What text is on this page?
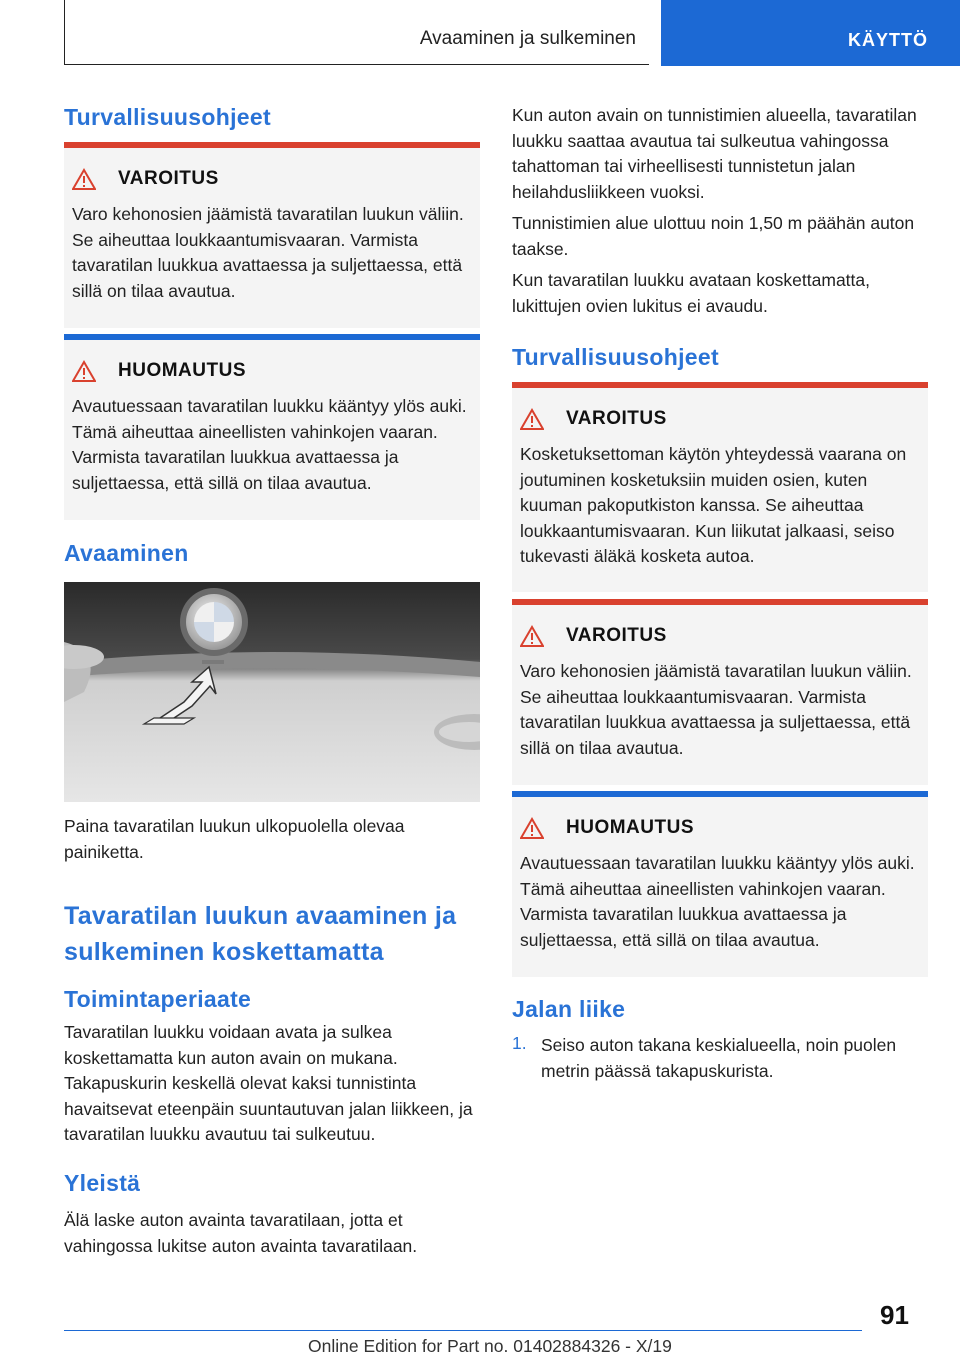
Avaaminen ja sulkeminen	KÄYTTÖ
Turvallisuusohjeet
VAROITUS

Varo kehonosien jäämistä tavaratilan luukun väliin. Se aiheuttaa loukkaantumisvaaran. Varmista tavaratilan luukkua avattaessa ja suljettaessa, että sillä on tilaa avautua.

HUOMAUTUS

Avautuessaan tavaratilan luukku kääntyy ylös auki. Tämä aiheuttaa aineellisten vahinkojen vaaran. Varmista tavaratilan luukkua avattaessa ja suljettaessa, että sillä on tilaa avautua.

Avaaminen

Paina tavaratilan luukun ulkopuolella olevaa painiketta.

Tavaratilan luukun avaaminen ja sulkeminen koskettamatta
Toimintaperiaate

Tavaratilan luukku voidaan avata ja sulkea koskettamatta kun auton avain on mukana. Takapuskurin keskellä olevat kaksi tunnistinta havaitsevat eteenpäin suuntautuvan jalan liikkeen, ja tavaratilan luukku avautuu tai sulkeutuu.

Yleistä

Älä laske auton avainta tavaratilaan, jotta et vahingossa lukitse auton avainta tavaratilaan.

Kun auton avain on tunnistimien alueella, tavaratilan luukku saattaa avautua tai sulkeutua vahingossa tahattoman tai virheellisesti tunnistetun jalan heilahdusliikkeen vuoksi.

Tunnistimien alue ulottuu noin 1,50 m päähän auton taakse.

Kun tavaratilan luukku avataan koskettamatta, lukittujen ovien lukitus ei avaudu.

Turvallisuusohjeet
VAROITUS

Kosketuksettoman käytön yhteydessä vaarana on joutuminen kosketuksiin muiden osien, kuten kuuman pakoputkiston kanssa. Se aiheuttaa loukkaantumisvaaran. Kun liikutat jalkaasi, seiso tukevasti äläkä kosketa autoa.

VAROITUS

Varo kehonosien jäämistä tavaratilan luukun väliin. Se aiheuttaa loukkaantumisvaaran. Varmista tavaratilan luukkua avattaessa ja suljettaessa, että sillä on tilaa avautua.

HUOMAUTUS

Avautuessaan tavaratilan luukku kääntyy ylös auki. Tämä aiheuttaa aineellisten vahinkojen vaaran. Varmista tavaratilan luukkua avattaessa ja suljettaessa, että sillä on tilaa avautua.

Jalan liike
1. Seiso auton takana keskialueella, noin puolen metrin päässä takapuskurista.

91
Online Edition for Part no. 01402884326 - X/19
